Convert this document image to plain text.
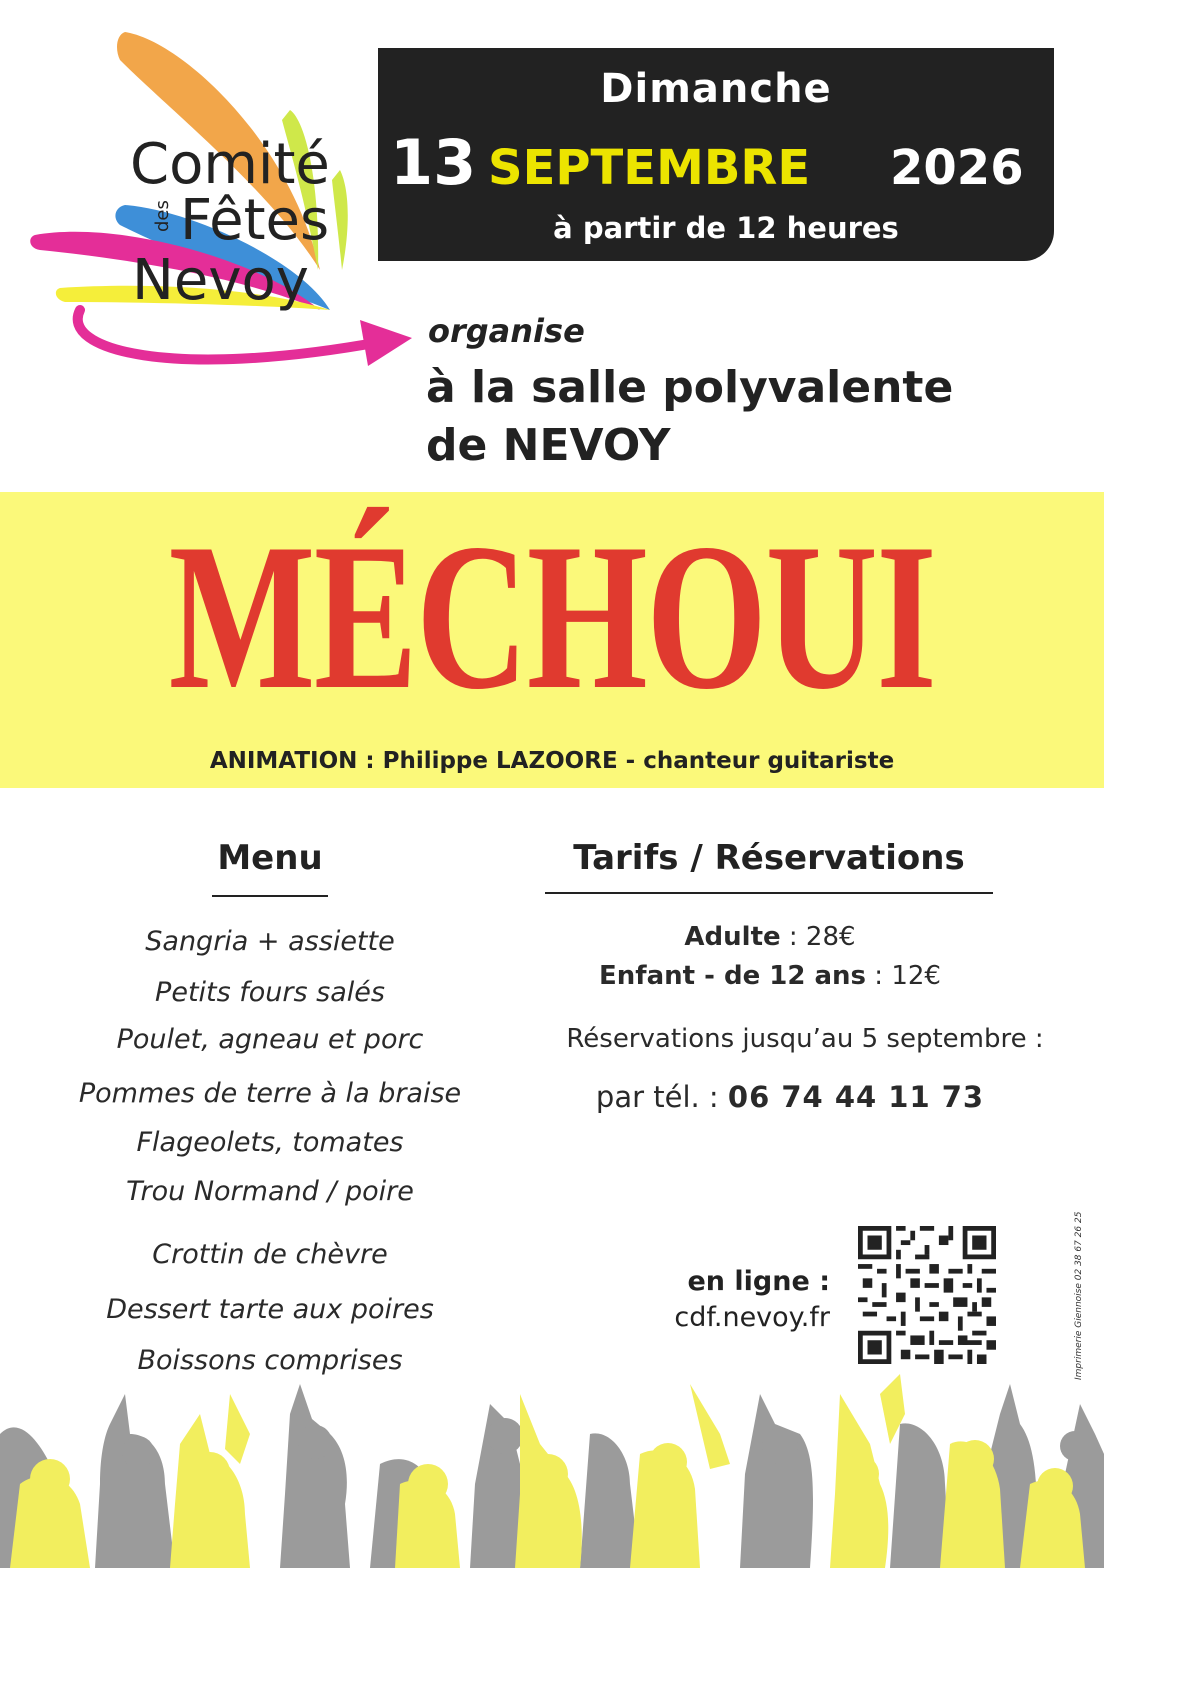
Comité
des Fêtes
Nevoy
Dimanche
13 SEPTEMBRE 2026
à partir de 12 heures
organise
à la salle polyvalente
de NEVOY
MÉCHOUI
ANIMATION : Philippe LAZOORE - chanteur guitariste
Menu
Sangria + assiette
Petits fours salés
Poulet, agneau et porc
Pommes de terre à la braise
Flageolets, tomates
Trou Normand / poire
Crottin de chèvre
Dessert tarte aux poires
Boissons comprises
Tarifs / Réservations
Adulte : 28€
Enfant - de 12 ans : 12€
Réservations jusqu’au 5 septembre :
par tél. : 06 74 44 11 73
en ligne :
cdf.nevoy.fr	Imprimerie Giennoise 02 38 67 26 25
